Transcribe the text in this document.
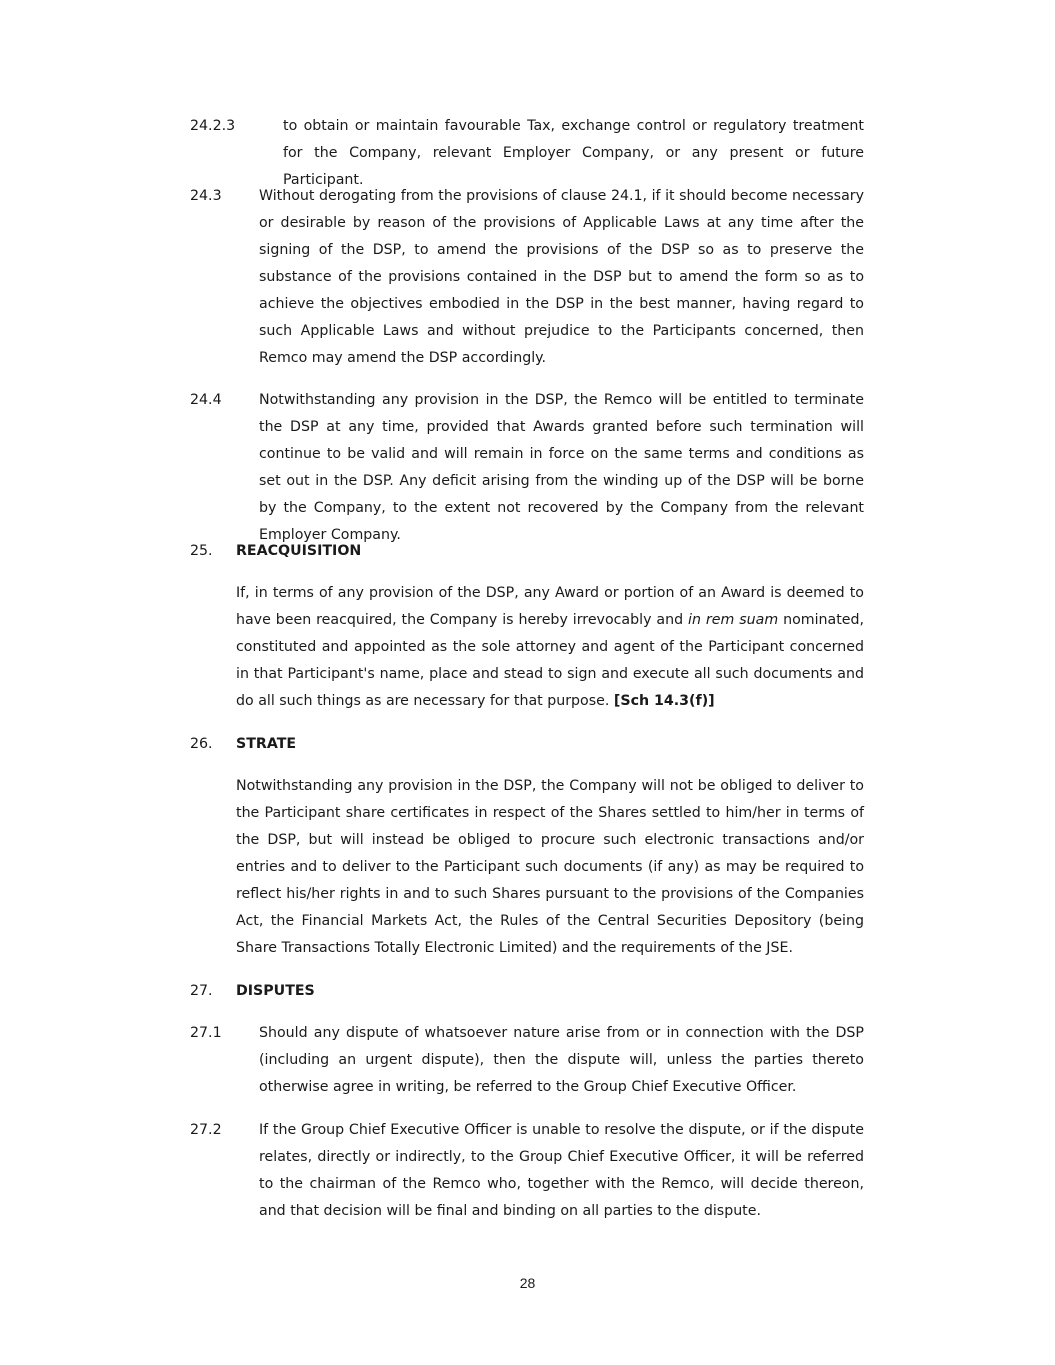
24.2.3	to obtain or maintain favourable Tax, exchange control or regulatory treatment for the Company, relevant Employer Company, or any present or future Participant.

24.3	Without derogating from the provisions of clause 24.1, if it should become necessary or desirable by reason of the provisions of Applicable Laws at any time after the signing of the DSP, to amend the provisions of the DSP so as to preserve the substance of the provisions contained in the DSP but to amend the form so as to achieve the objectives embodied in the DSP in the best manner, having regard to such Applicable Laws and without prejudice to the Participants concerned, then Remco may amend the DSP accordingly.

24.4	Notwithstanding any provision in the DSP, the Remco will be entitled to terminate the DSP at any time, provided that Awards granted before such termination will continue to be valid and will remain in force on the same terms and conditions as set out in the DSP. Any deficit arising from the winding up of the DSP will be borne by the Company, to the extent not recovered by the Company from the relevant Employer Company.

25. REACQUISITION

If, in terms of any provision of the DSP, any Award or portion of an Award is deemed to have been reacquired, the Company is hereby irrevocably and in rem suam nominated, constituted and appointed as the sole attorney and agent of the Participant concerned in that Participant's name, place and stead to sign and execute all such documents and do all such things as are necessary for that purpose. [Sch 14.3(f)]

26. STRATE

Notwithstanding any provision in the DSP, the Company will not be obliged to deliver to the Participant share certificates in respect of the Shares settled to him/her in terms of the DSP, but will instead be obliged to procure such electronic transactions and/or entries and to deliver to the Participant such documents (if any) as may be required to reflect his/her rights in and to such Shares pursuant to the provisions of the Companies Act, the Financial Markets Act, the Rules of the Central Securities Depository (being Share Transactions Totally Electronic Limited) and the requirements of the JSE.

27. DISPUTES
27.1	Should any dispute of whatsoever nature arise from or in connection with the DSP (including an urgent dispute), then the dispute will, unless the parties thereto otherwise agree in writing, be referred to the Group Chief Executive Officer.

27.2	If the Group Chief Executive Officer is unable to resolve the dispute, or if the dispute relates, directly or indirectly, to the Group Chief Executive Officer, it will be referred to the chairman of the Remco who, together with the Remco, will decide thereon, and that decision will be final and binding on all parties to the dispute.

28
